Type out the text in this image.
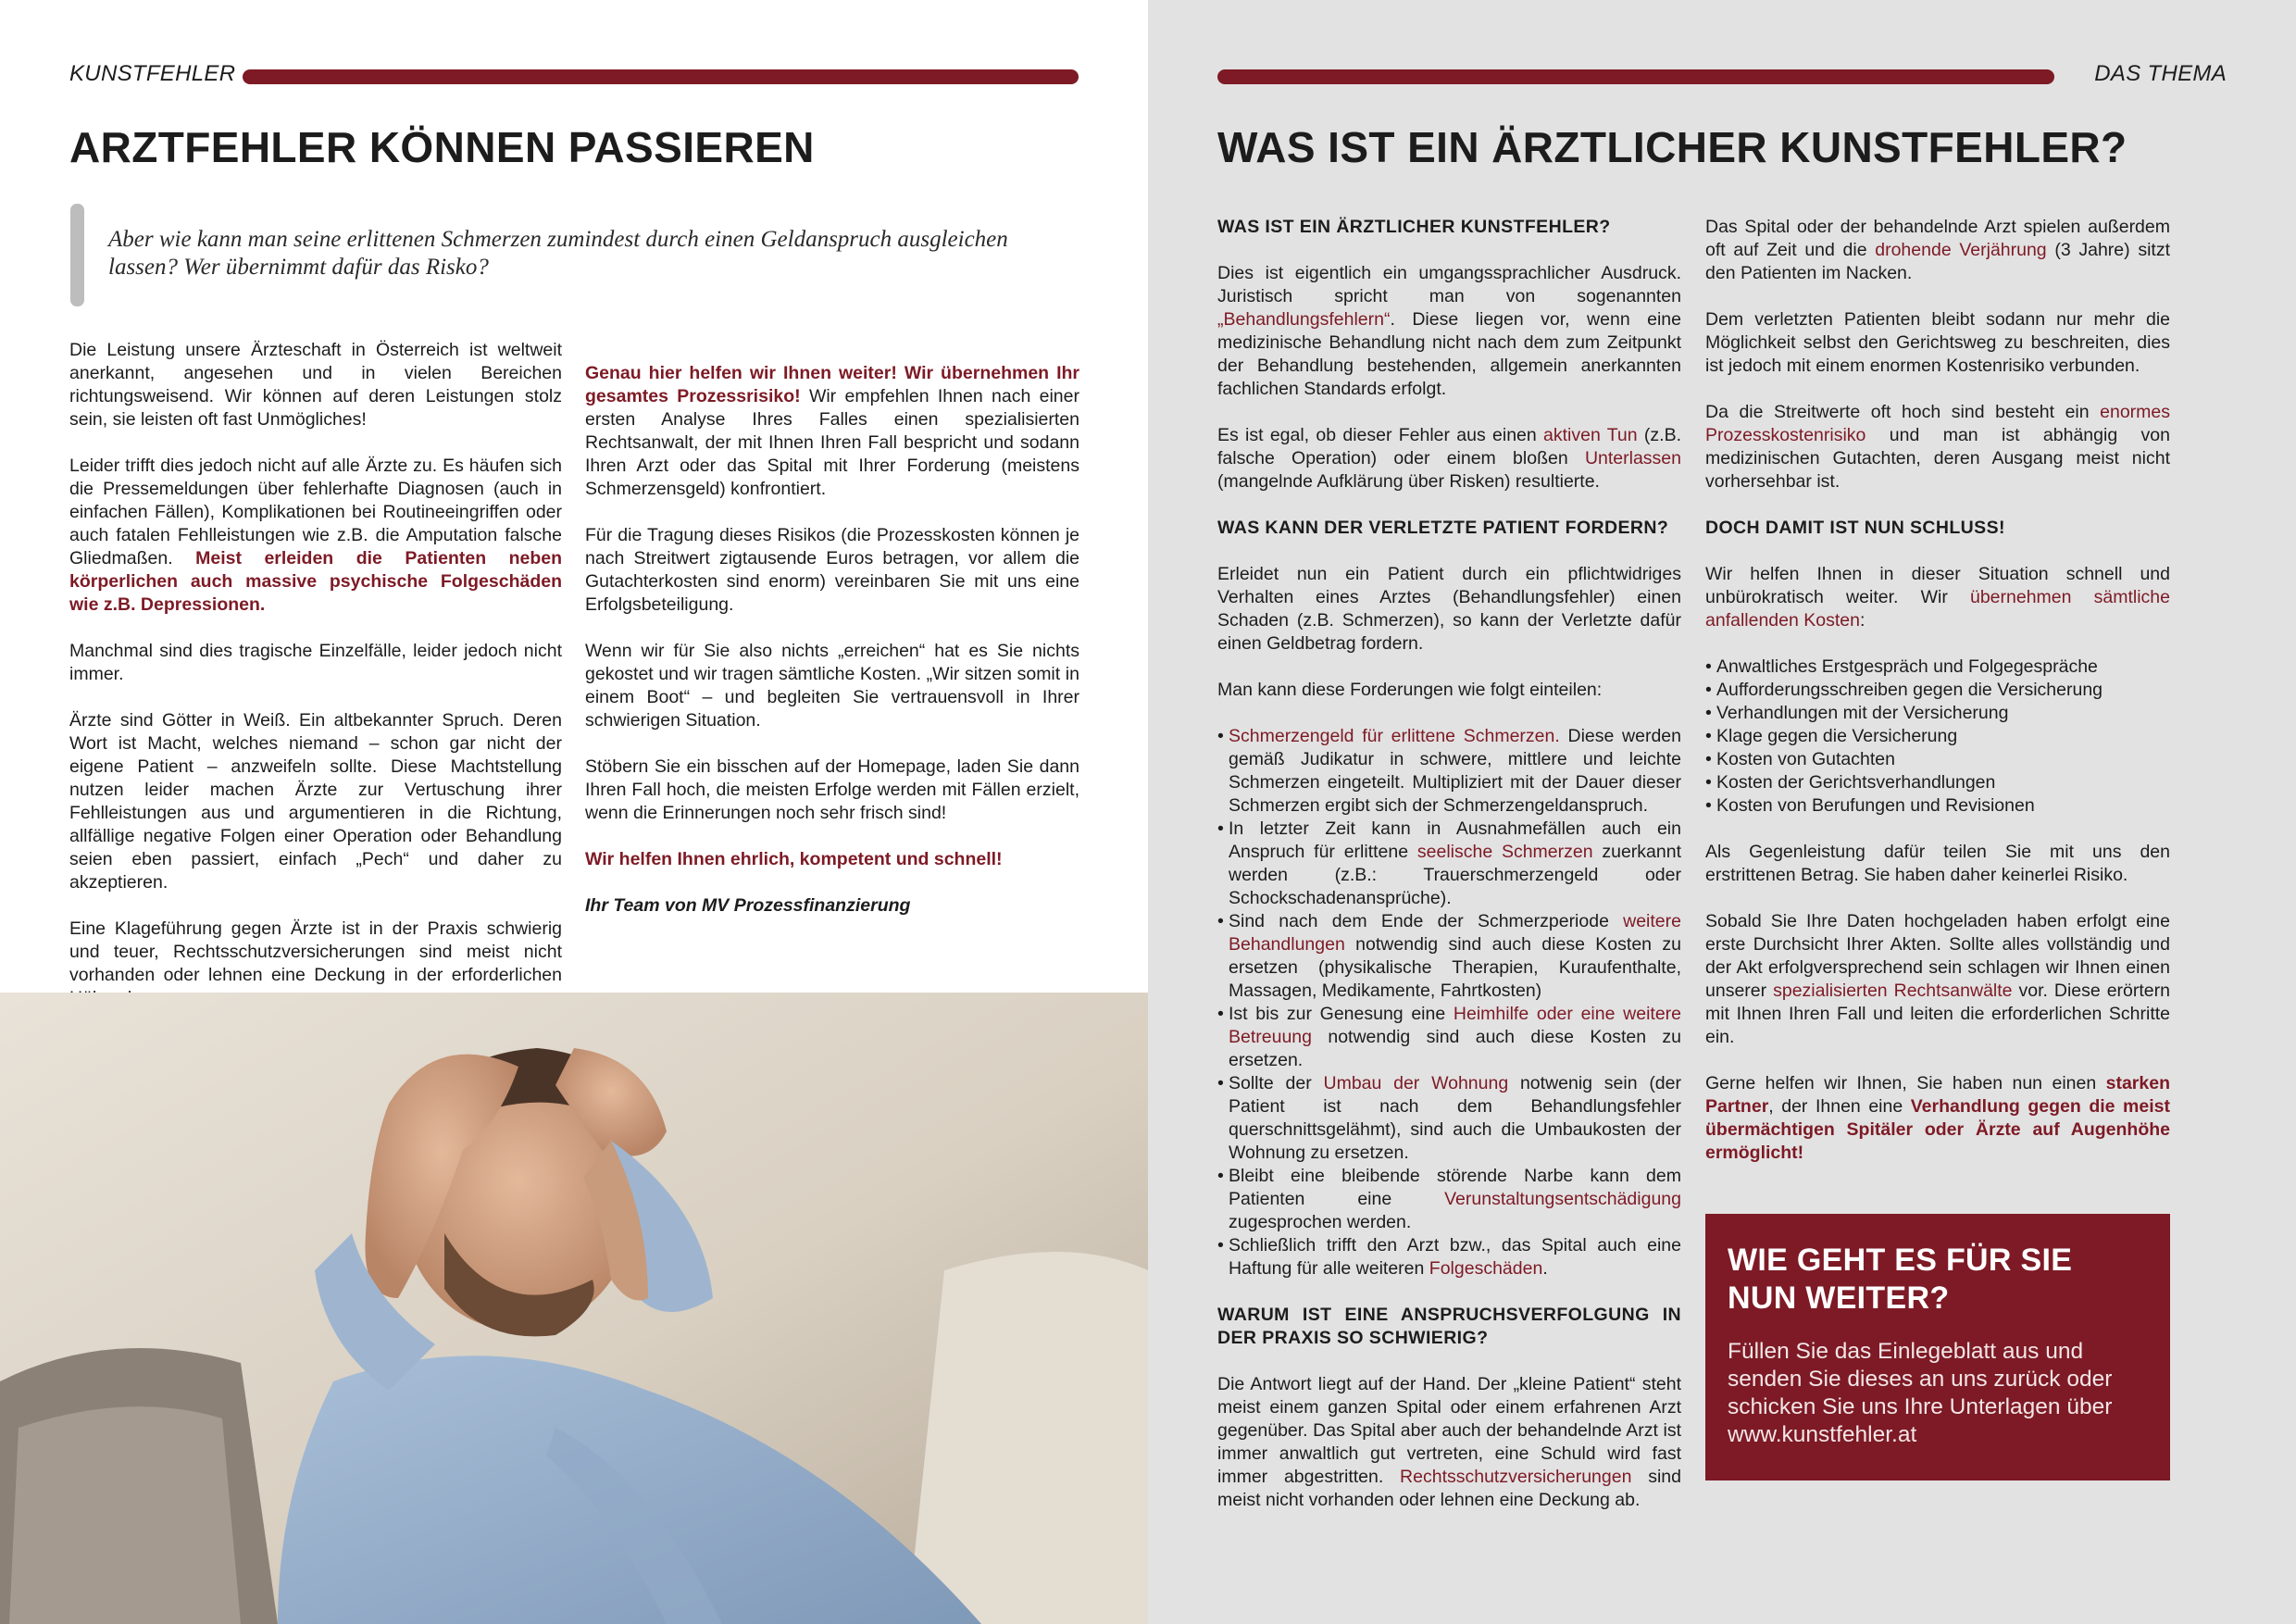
KUNSTFEHLER
ARZTFEHLER KÖNNEN PASSIEREN

Aber wie kann man seine erlittenen Schmerzen zumindest durch einen Geldanspruch ausgleichen lassen? Wer übernimmt dafür das Risko?

Die Leistung unsere Ärzteschaft in Österreich ist weltweit anerkannt, angesehen und in vielen Bereichen richtungsweisend. Wir können auf deren Leistungen stolz sein, sie leisten oft fast Unmögliches!

Leider trifft dies jedoch nicht auf alle Ärzte zu. Es häufen sich die Pressemeldungen über fehlerhafte Diagnosen (auch in einfachen Fällen), Komplikationen bei Routineeingriffen oder auch fatalen Fehlleistungen wie z.B. die Amputation falsche Gliedmaßen. Meist erleiden die Patienten neben körperlichen auch massive psychische Folgeschäden wie z.B. Depressionen.

Manchmal sind dies tragische Einzelfälle, leider jedoch nicht immer.

Ärzte sind Götter in Weiß. Ein altbekannter Spruch. Deren Wort ist Macht, welches niemand – schon gar nicht der eigene Patient – anzweifeln sollte. Diese Machtstellung nutzen leider machen Ärzte zur Vertuschung ihrer Fehlleistungen aus und argumentieren in die Richtung, allfällige negative Folgen einer Operation oder Behandlung seien eben passiert, einfach „Pech“ und daher zu akzeptieren.

Eine Klageführung gegen Ärzte ist in der Praxis schwierig und teuer, Rechtsschutzversicherungen sind meist nicht vorhanden oder lehnen eine Deckung in der erforderlichen

Genau hier helfen wir Ihnen weiter! Wir übernehmen Ihr gesamtes Prozessrisiko! Wir empfehlen Ihnen nach einer ersten Analyse Ihres Falles einen spezialisierten Rechtsanwalt, der mit Ihnen Ihren Fall bespricht und sodann Ihren Arzt oder das Spital mit Ihrer Forderung (meistens Schmerzensgeld) konfrontiert.

Für die Tragung dieses Risikos (die Prozesskosten können je nach Streitwert zigtausende Euros betragen, vor allem die Gutachterkosten sind enorm) vereinbaren Sie mit uns eine Erfolgsbeteiligung.

Wenn wir für Sie also nichts „erreichen“ hat es Sie nichts gekostet und wir tragen sämtliche Kosten. „Wir sitzen somit in einem Boot“ – und begleiten Sie vertrauensvoll in Ihrer schwierigen Situation.

Stöbern Sie ein bisschen auf der Homepage, laden Sie dann Ihren Fall hoch, die meisten Erfolge werden mit Fällen erzielt, wenn die Erinnerungen noch sehr frisch sind!

Wir helfen Ihnen ehrlich, kompetent und schnell!

Ihr Team von MV Prozessfinanzierung

DAS THEMA
WAS IST EIN ÄRZTLICHER KUNSTFEHLER?

WAS IST EIN ÄRZTLICHER KUNSTFEHLER?

Dies ist eigentlich ein umgangssprachlicher Ausdruck. Juristisch spricht man von sogenannten „Behandlungsfehlern“. Diese liegen vor, wenn eine medizinische Behandlung nicht nach dem zum Zeitpunkt der Behandlung bestehenden, allgemein anerkannten fachlichen Standards erfolgt.

Es ist egal, ob dieser Fehler aus einen aktiven Tun (z.B. falsche Operation) oder einem bloßen Unterlassen (mangelnde Aufklärung über Risken) resultierte.

WAS KANN DER VERLETZTE PATIENT FORDERN?

Erleidet nun ein Patient durch ein pflichtwidriges Verhalten eines Arztes (Behandlungsfehler) einen Schaden (z.B. Schmerzen), so kann der Verletzte dafür einen Geldbetrag fordern.

Man kann diese Forderungen wie folgt einteilen:

• Schmerzengeld für erlittene Schmerzen. Diese werden gemäß Judikatur in schwere, mittlere und leichte Schmerzen eingeteilt. Multipliziert mit der Dauer dieser Schmerzen ergibt sich der Schmerzengeldanspruch.
• In letzter Zeit kann in Ausnahmefällen auch ein Anspruch für erlittene seelische Schmerzen zuerkannt werden (z.B.: Trauerschmerzengeld oder Schockschadenansprüche).
• Sind nach dem Ende der Schmerzperiode weitere Behandlungen notwendig sind auch diese Kosten zu ersetzen (physikalische Therapien, Kuraufenthalte, Massagen, Medikamente, Fahrtkosten)
• Ist bis zur Genesung eine Heimhilfe oder eine weitere Betreuung notwendig sind auch diese Kosten zu ersetzen.
• Sollte der Umbau der Wohnung notwenig sein (der Patient ist nach dem Behandlungsfehler querschnittsgelähmt), sind auch die Umbaukosten der Wohnung zu ersetzen.
• Bleibt eine bleibende störende Narbe kann dem Patienten eine Verunstaltungsentschädigung zugesprochen werden.
• Schließlich trifft den Arzt bzw., das Spital auch eine Haftung für alle weiteren Folgeschäden.

WARUM IST EINE ANSPRUCHSVERFOLGUNG IN DER PRAXIS SO SCHWIERIG?

Die Antwort liegt auf der Hand. Der „kleine Patient“ steht meist einem ganzen Spital oder einem erfahrenen Arzt gegenüber. Das Spital aber auch der behandelnde Arzt ist immer anwaltlich gut vertreten, eine Schuld wird fast immer abgestritten. Rechtsschutzversicherungen sind meist nicht vorhanden oder lehnen eine Deckung ab.

Das Spital oder der behandelnde Arzt spielen außerdem oft auf Zeit und die drohende Verjährung (3 Jahre) sitzt den Patienten im Nacken.

Dem verletzten Patienten bleibt sodann nur mehr die Möglichkeit selbst den Gerichtsweg zu beschreiten, dies ist jedoch mit einem enormen Kostenrisiko verbunden.

Da die Streitwerte oft hoch sind besteht ein enormes Prozesskostenrisiko und man ist abhängig von medizinischen Gutachten, deren Ausgang meist nicht vorhersehbar ist.

DOCH DAMIT IST NUN SCHLUSS!

Wir helfen Ihnen in dieser Situation schnell und unbürokratisch weiter. Wir übernehmen sämtliche anfallenden Kosten:

• Anwaltliches Erstgespräch und Folgegespräche
• Aufforderungsschreiben gegen die Versicherung
• Verhandlungen mit der Versicherung
• Klage gegen die Versicherung
• Kosten von Gutachten
• Kosten der Gerichtsverhandlungen
• Kosten von Berufungen und Revisionen

Als Gegenleistung dafür teilen Sie mit uns den erstrittenen Betrag. Sie haben daher keinerlei Risiko.

Sobald Sie Ihre Daten hochgeladen haben erfolgt eine erste Durchsicht Ihrer Akten. Sollte alles vollständig und der Akt erfolgversprechend sein schlagen wir Ihnen einen unserer spezialisierten Rechtsanwälte vor. Diese erörtern mit Ihnen Ihren Fall und leiten die erforderlichen Schritte ein.

Gerne helfen wir Ihnen, Sie haben nun einen starken Partner, der Ihnen eine Verhandlung gegen die meist übermächtigen Spitäler oder Ärzte auf Augenhöhe ermöglicht!

WIE GEHT ES FÜR SIE NUN WEITER?

Füllen Sie das Einlegeblatt aus und senden Sie dieses an uns zurück oder schicken Sie uns Ihre Unterlagen über www.kunstfehler.at
